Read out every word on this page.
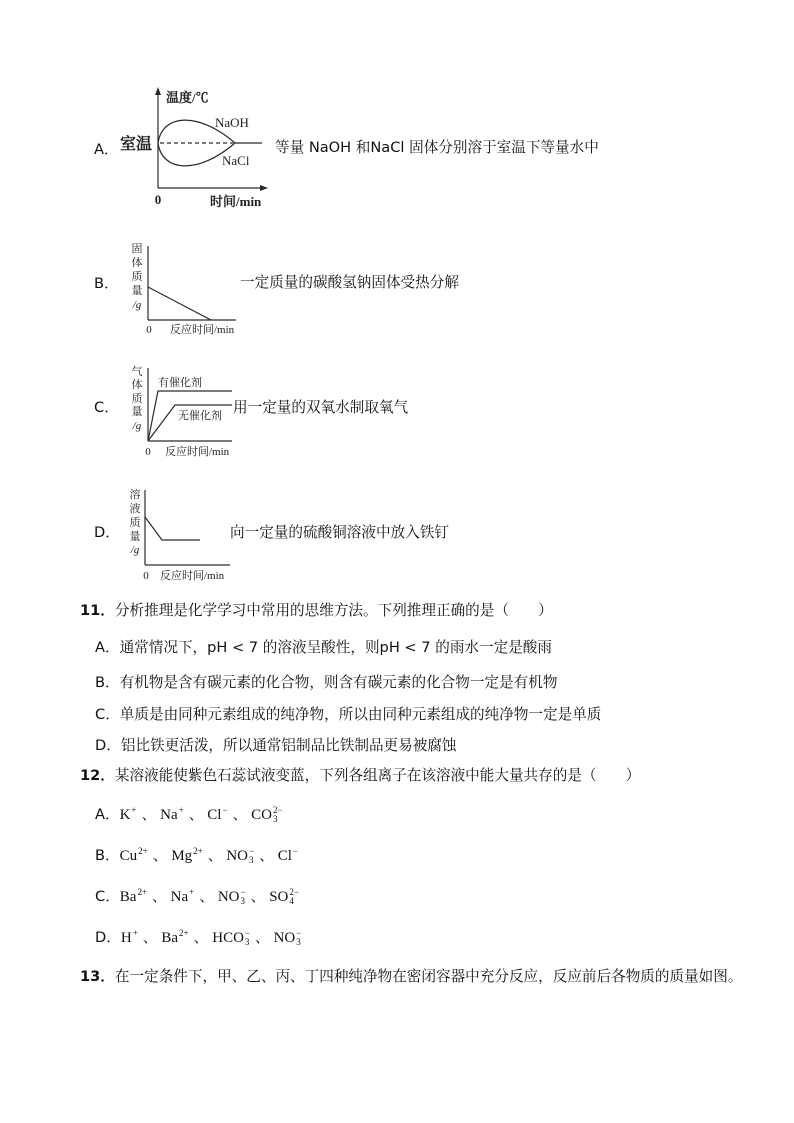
A．
温度/℃
室温
NaOH
NaCl
0	时间/min
等量 NaOH 和NaCl 固体分别溶于室温下等量水中
B．
固
体
质
量
/g
0 反应时间/min
一定质量的碳酸氢钠固体受热分解
C．
气
体
质
量
/g
有催化剂
无催化剂
0 反应时间/min
用一定量的双氧水制取氧气
D．
溶
液
质
量
/g
0 反应时间/min
向一定量的硫酸铜溶液中放入铁钉
11．分析推理是化学学习中常用的思维方法。下列推理正确的是（　　）
A．通常情况下，pH < 7 的溶液呈酸性，则pH < 7 的雨水一定是酸雨
B．有机物是含有碳元素的化合物，则含有碳元素的化合物一定是有机物
C．单质是由同种元素组成的纯净物，所以由同种元素组成的纯净物一定是单质
D．铝比铁更活泼，所以通常铝制品比铁制品更易被腐蚀
12．某溶液能使紫色石蕊试液变蓝，下列各组离子在该溶液中能大量共存的是（　　）
A．K + 、 Na + 、 Cl − 、 CO 2−
3
B．Cu 2+ 、 Mg 2+ 、 NO −
3 、 Cl −
C．Ba 2+ 、 Na + 、 NO −
3 、 SO 2−
4
D．H + 、 Ba 2+ 、 HCO −
3 、 NO −
3
13．在一定条件下，甲、乙、丙、丁四种纯净物在密闭容器中充分反应，反应前后各物质的质量如图。
